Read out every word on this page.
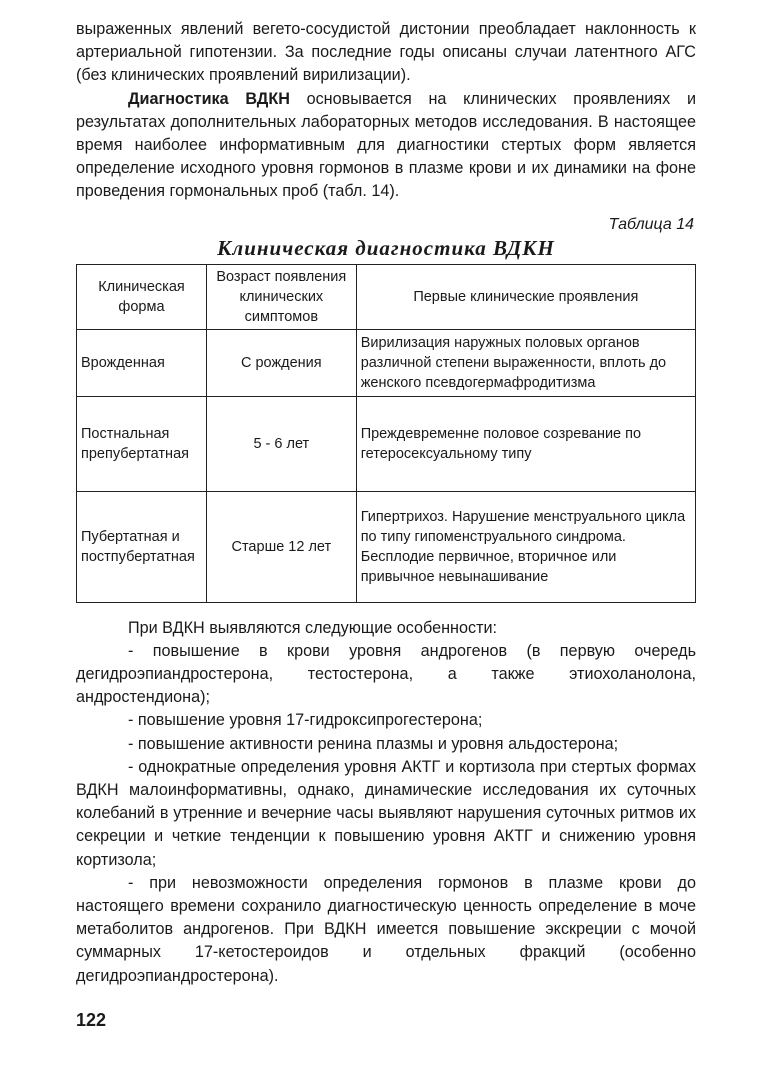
выраженных явлений вегето-сосудистой дистонии преобладает наклонность к артериальной гипотензии. За последние годы описаны случаи латентного АГС (без клинических проявлений вирилизации).

Диагностика ВДКН основывается на клинических проявлениях и результатах дополнительных лабораторных методов исследования. В настоящее время наиболее информативным для диагностики стертых форм является определение исходного уровня гормонов в плазме крови и их динамики на фоне проведения гормональных проб (табл. 14).

Таблица 14
Клиническая диагностика ВДКН
Клиническая форма	Возраст появления клинических симптомов	Первые клинические проявления
Врожденная	С рождения	Вирилизация наружных половых органов различной степени выраженности, вплоть до женского псевдогермафродитизма
Постнальная препубертатная	5 - 6 лет	Преждевременне половое созревание по гетеросексуальному типу
Пубертатная и постпубертатная	Старше 12 лет	Гипертрихоз. Нарушение менструального цикла по типу гипоменструального синдрома. Бесплодие первичное, вторичное или привычное невынашивание

При ВДКН выявляются следующие особенности:

- повышение в крови уровня андрогенов (в первую очередь дегидроэпиандростерона, тестостерона, а также этиохоланолона, андростендиона);

- повышение уровня 17-гидроксипрогестерона;

- повышение активности ренина плазмы и уровня альдостерона;

- однократные определения уровня АКТГ и кортизола при стертых формах ВДКН малоинформативны, однако, динамические исследования их суточных колебаний в утренние и вечерние часы выявляют нарушения суточных ритмов их секреции и четкие тенденции к повышению уровня АКТГ и снижению уровня кортизола;

- при невозможности определения гормонов в плазме крови до настоящего времени сохранило диагностическую ценность определение в моче метаболитов андрогенов. При ВДКН имеется повышение экскреции с мочой суммарных 17-кетостероидов и отдельных фракций (особенно дегидроэпиандростерона).

122
